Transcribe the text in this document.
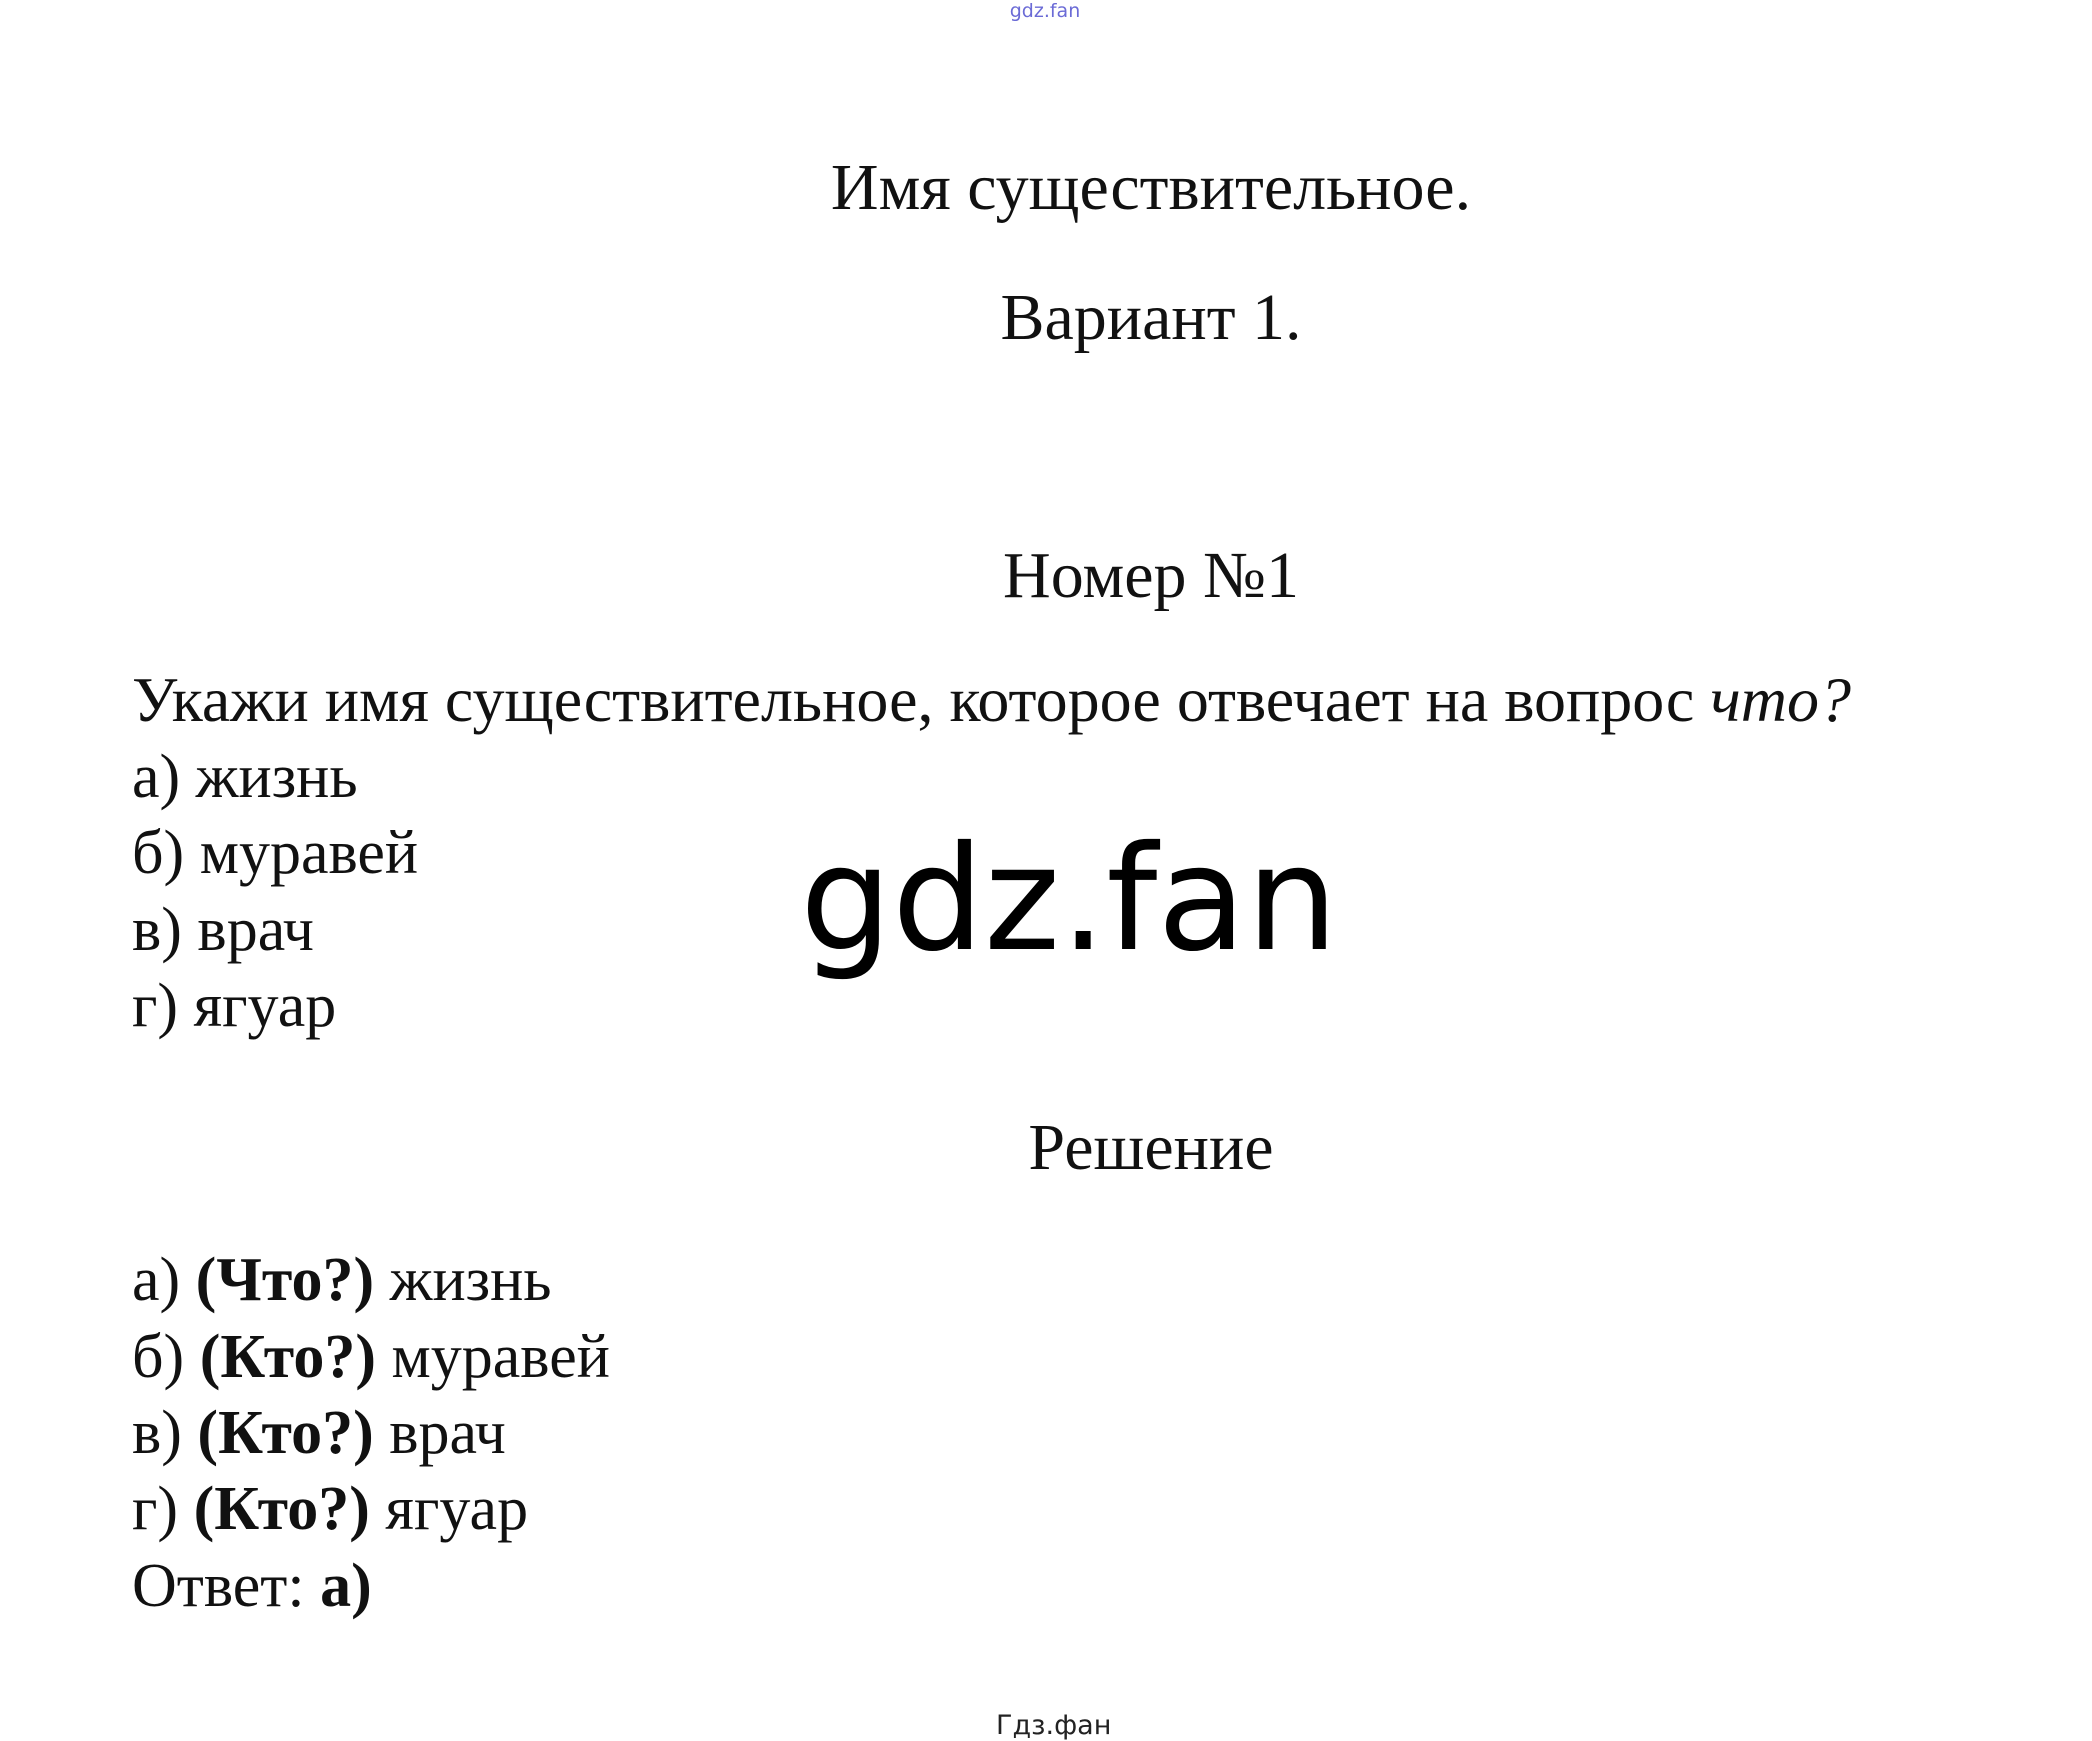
gdz.fan
Имя существительное.
Вариант 1.
Номер №1
Укажи имя существительное, которое отвечает на вопрос что?
а) жизнь
б) муравей
в) врач
г) ягуар
gdz.fan
Решение
а) (Что?) жизнь
б) (Кто?) муравей
в) (Кто?) врач
г) (Кто?) ягуар
Ответ: а)
Гдз.фан
